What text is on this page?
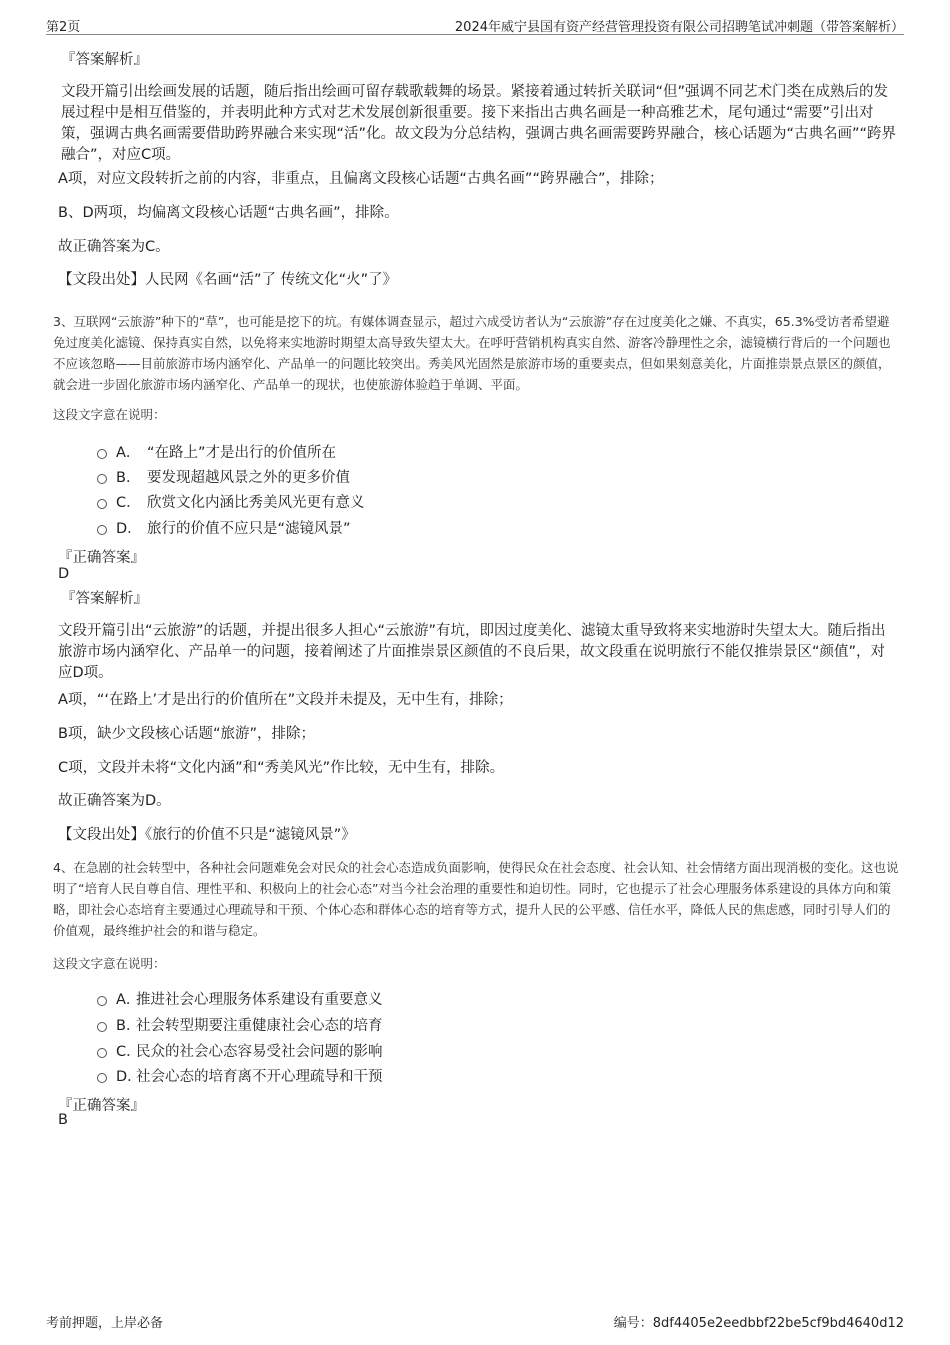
第2页	2024年威宁县国有资产经营管理投资有限公司招聘笔试冲刺题（带答案解析）
『答案解析』
文段开篇引出绘画发展的话题，随后指出绘画可留存载歌载舞的场景。紧接着通过转折关联词“但”强调不同艺术门类在成熟后的发展过程中是相互借鉴的，并表明此种方式对艺术发展创新很重要。接下来指出古典名画是一种高雅艺术，尾句通过“需要”引出对策，强调古典名画需要借助跨界融合来实现“活”化。故文段为分总结构，强调古典名画需要跨界融合，核心话题为“古典名画”“跨界融合”，对应C项。
A项，对应文段转折之前的内容，非重点，且偏离文段核心话题“古典名画”“跨界融合”，排除；
B、D两项，均偏离文段核心话题“古典名画”，排除。
故正确答案为C。
【文段出处】人民网《名画“活”了 传统文化“火”了》
3、互联网“云旅游”种下的“草”，也可能是挖下的坑。有媒体调查显示，超过六成受访者认为“云旅游”存在过度美化之嫌、不真实，65.3%受访者希望避免过度美化滤镜、保持真实自然，以免将来实地游时期望太高导致失望太大。在呼吁营销机构真实自然、游客冷静理性之余，滤镜横行背后的一个问题也不应该忽略——目前旅游市场内涵窄化、产品单一的问题比较突出。秀美风光固然是旅游市场的重要卖点，但如果刻意美化，片面推崇景点景区的颜值，就会进一步固化旅游市场内涵窄化、产品单一的现状，也使旅游体验趋于单调、平面。
这段文字意在说明：
A． “在路上”才是出行的价值所在
B． 要发现超越风景之外的更多价值
C． 欣赏文化内涵比秀美风光更有意义
D． 旅行的价值不应只是“滤镜风景”
『正确答案』
D
『答案解析』
文段开篇引出“云旅游”的话题，并提出很多人担心“云旅游”有坑，即因过度美化、滤镜太重导致将来实地游时失望太大。随后指出旅游市场内涵窄化、产品单一的问题，接着阐述了片面推崇景区颜值的不良后果，故文段重在说明旅行不能仅推崇景区“颜值”，对应D项。
A项，“‘在路上’才是出行的价值所在”文段并未提及，无中生有，排除；
B项，缺少文段核心话题“旅游”，排除；
C项，文段并未将“文化内涵”和“秀美风光”作比较，无中生有，排除。
故正确答案为D。
【文段出处】《旅行的价值不只是“滤镜风景”》
4、在急剧的社会转型中，各种社会问题难免会对民众的社会心态造成负面影响，使得民众在社会态度、社会认知、社会情绪方面出现消极的变化。这也说明了“培育人民自尊自信、理性平和、积极向上的社会心态”对当今社会治理的重要性和迫切性。同时，它也提示了社会心理服务体系建设的具体方向和策略，即社会心态培育主要通过心理疏导和干预、个体心态和群体心态的培育等方式，提升人民的公平感、信任水平，降低人民的焦虑感，同时引导人们的价值观，最终维护社会的和谐与稳定。
这段文字意在说明：
A．
推进社会心理服务体系建设有重要意义
B．
社会转型期要注重健康社会心态的培育
C．
民众的社会心态容易受社会问题的影响
D．
社会心态的培育离不开心理疏导和干预
『正确答案』
B
考前押题，上岸必备	编号：8df4405e2eedbbf22be5cf9bd4640d12
